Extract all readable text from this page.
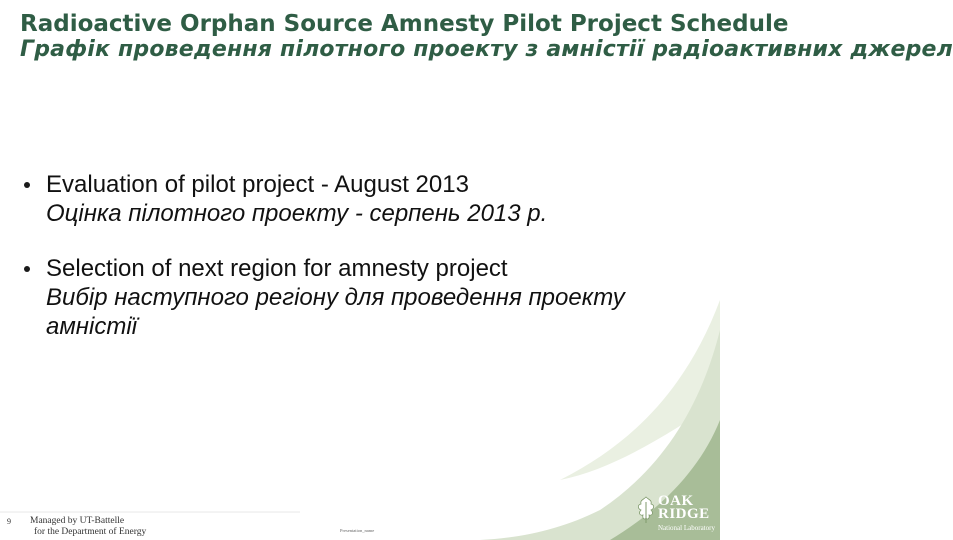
Radioactive Orphan Source Amnesty Pilot Project Schedule
Графік проведення пілотного проекту з амністії радіоактивних джерел
Evaluation of pilot project - August 2013
Оцінка пілотного проекту - серпень 2013 р.
Selection of next region for amnesty project
Вибір наступного регіону для проведення проекту амністії
9 Managed by UT-Battelle
for the Department of Energy	Presentation_name
OAK
RIDGE
National Laboratory
